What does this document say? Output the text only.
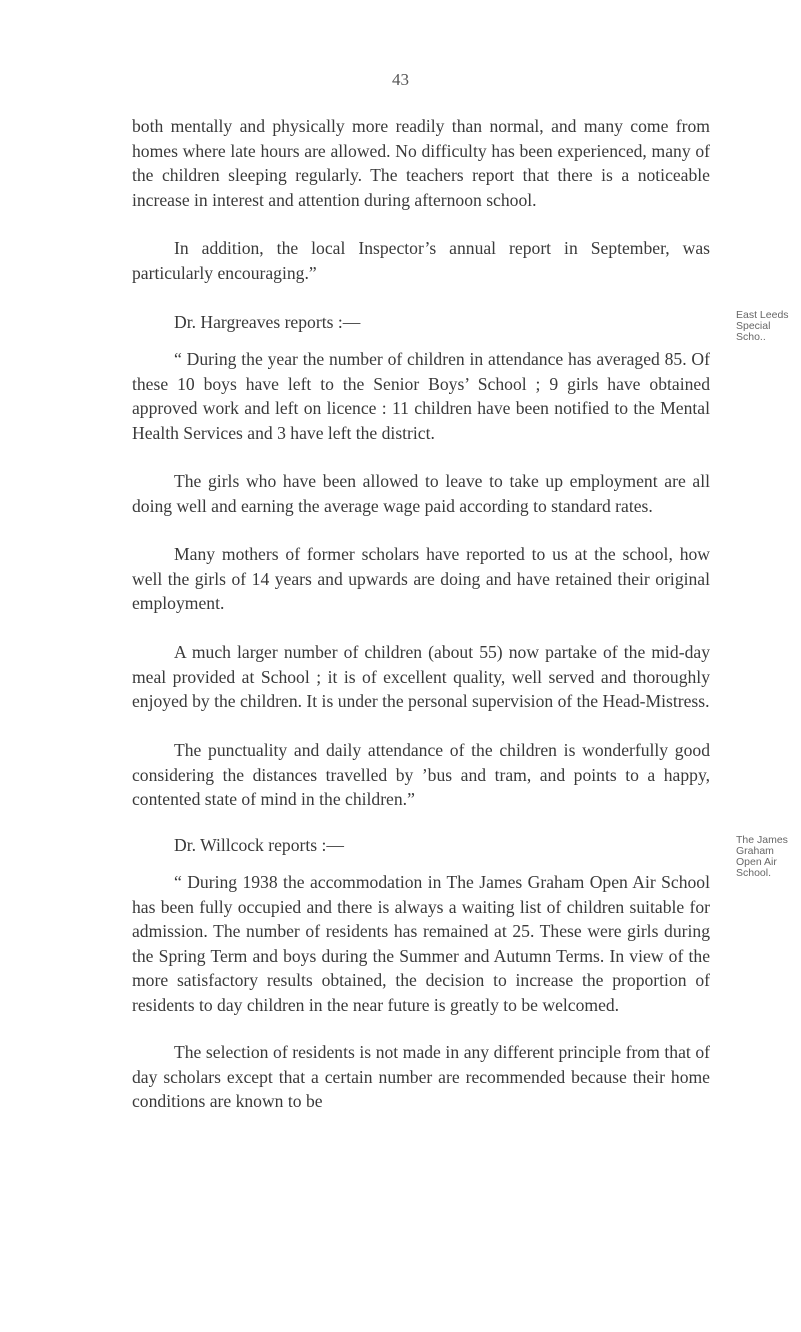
43

both mentally and physically more readily than normal, and many come from homes where late hours are allowed. No difficulty has been experienced, many of the children sleeping regularly. The teachers report that there is a noticeable increase in interest and attention during afternoon school.

In addition, the local Inspector’s annual report in September, was particularly encouraging.”

Dr. Hargreaves reports :—	East Leeds Special Scho..

“ During the year the number of children in attendance has averaged 85. Of these 10 boys have left to the Senior Boys’ School ; 9 girls have obtained approved work and left on licence : 11 children have been notified to the Mental Health Services and 3 have left the district.

The girls who have been allowed to leave to take up employment are all doing well and earning the average wage paid according to standard rates.

Many mothers of former scholars have reported to us at the school, how well the girls of 14 years and upwards are doing and have retained their original employment.

A much larger number of children (about 55) now partake of the mid-day meal provided at School ; it is of excellent quality, well served and thoroughly enjoyed by the children. It is under the personal supervision of the Head-Mistress.

The punctuality and daily attendance of the children is wonderfully good considering the distances travelled by ’bus and tram, and points to a happy, contented state of mind in the children.”

Dr. Willcock reports :—	The James Graham Open Air School.

“ During 1938 the accommodation in The James Graham Open Air School has been fully occupied and there is always a waiting list of children suitable for admission. The number of residents has remained at 25. These were girls during the Spring Term and boys during the Summer and Autumn Terms. In view of the more satisfactory results obtained, the decision to increase the proportion of residents to day children in the near future is greatly to be welcomed.

The selection of residents is not made in any different principle from that of day scholars except that a certain number are recommended because their home conditions are known to be
